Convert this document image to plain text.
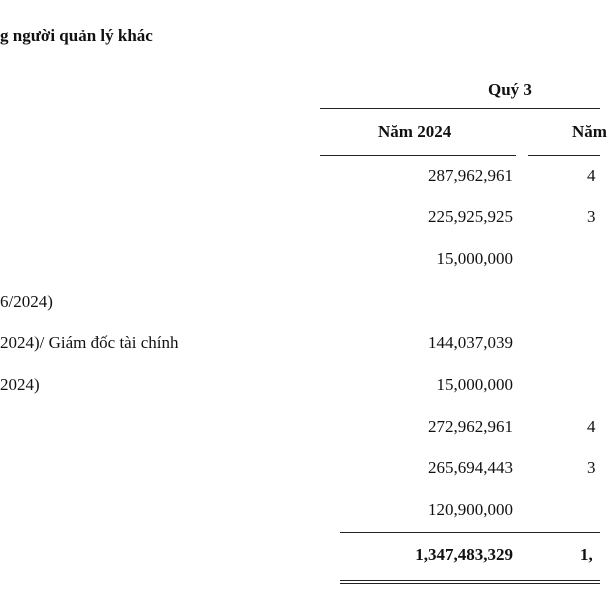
g người quản lý khác
Quý 3
Năm 2024	Năm
287,962,961	4
225,925,925	3
15,000,000
6/2024)
2024)/ Giám đốc tài chính	144,037,039
2024)	15,000,000
272,962,961	4
265,694,443	3
120,900,000
1,347,483,329	1,
